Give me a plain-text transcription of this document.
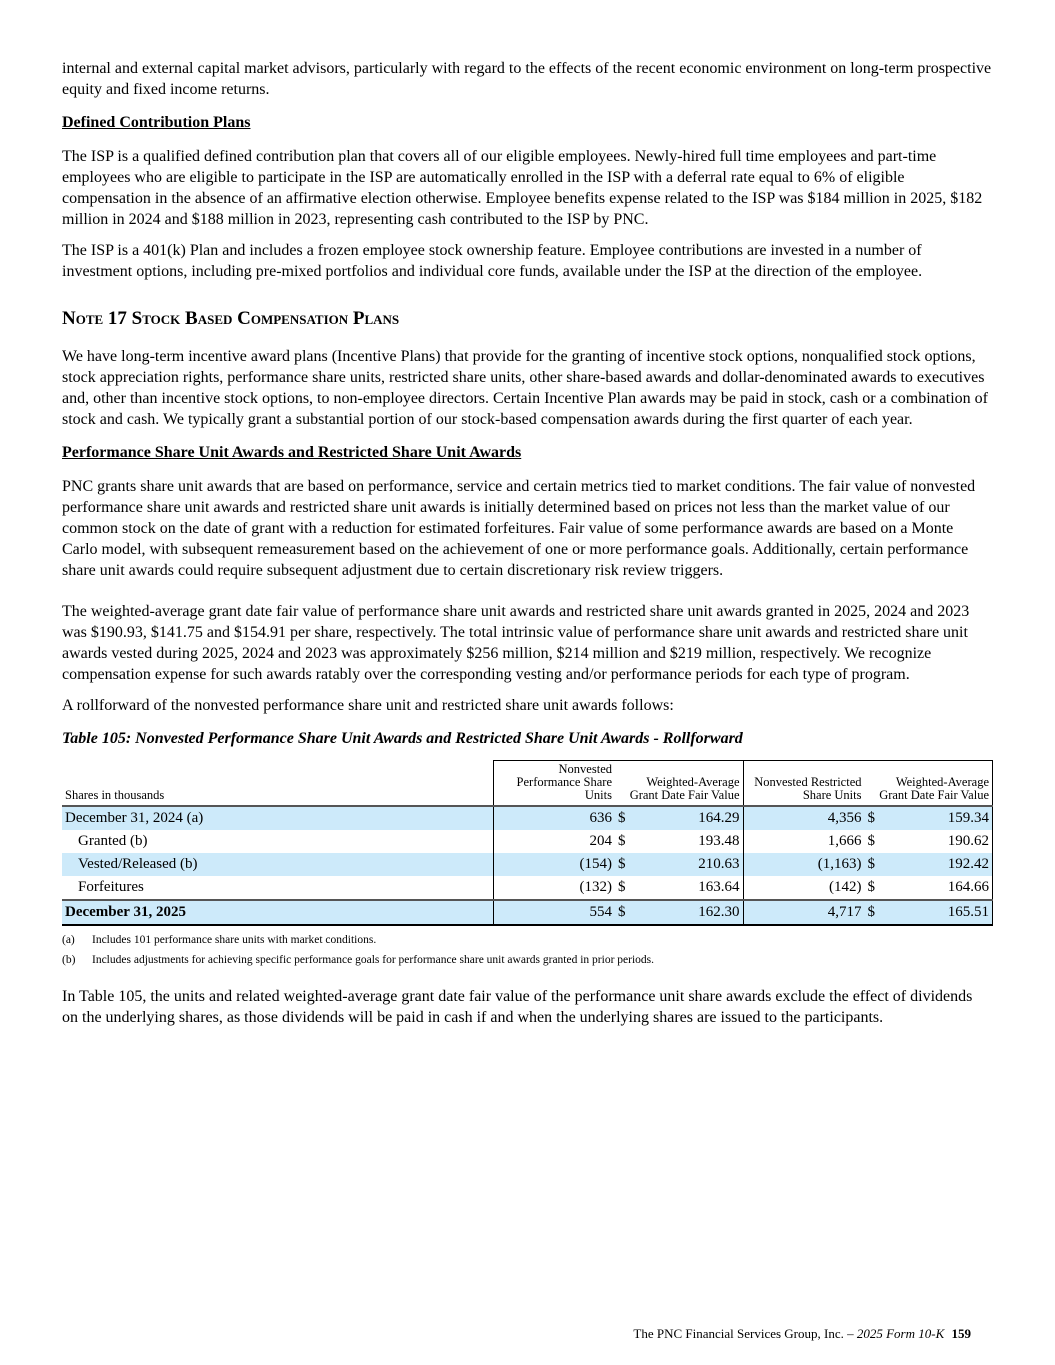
internal and external capital market advisors, particularly with regard to the effects of the recent economic environment on long-term prospective equity and fixed income returns.

Defined Contribution Plans

The ISP is a qualified defined contribution plan that covers all of our eligible employees. Newly-hired full time employees and part-time employees who are eligible to participate in the ISP are automatically enrolled in the ISP with a deferral rate equal to 6% of eligible compensation in the absence of an affirmative election otherwise. Employee benefits expense related to the ISP was $184 million in 2025, $182 million in 2024 and $188 million in 2023, representing cash contributed to the ISP by PNC.

The ISP is a 401(k) Plan and includes a frozen employee stock ownership feature. Employee contributions are invested in a number of investment options, including pre-mixed portfolios and individual core funds, available under the ISP at the direction of the employee.

Note 17 Stock Based Compensation Plans

We have long-term incentive award plans (Incentive Plans) that provide for the granting of incentive stock options, nonqualified stock options, stock appreciation rights, performance share units, restricted share units, other share-based awards and dollar-denominated awards to executives and, other than incentive stock options, to non-employee directors. Certain Incentive Plan awards may be paid in stock, cash or a combination of stock and cash. We typically grant a substantial portion of our stock-based compensation awards during the first quarter of each year.

Performance Share Unit Awards and Restricted Share Unit Awards

PNC grants share unit awards that are based on performance, service and certain metrics tied to market conditions. The fair value of nonvested performance share unit awards and restricted share unit awards is initially determined based on prices not less than the market value of our common stock on the date of grant with a reduction for estimated forfeitures. Fair value of some performance awards are based on a Monte Carlo model, with subsequent remeasurement based on the achievement of one or more performance goals. Additionally, certain performance share unit awards could require subsequent adjustment due to certain discretionary risk review triggers.

The weighted-average grant date fair value of performance share unit awards and restricted share unit awards granted in 2025, 2024 and 2023 was $190.93, $141.75 and $154.91 per share, respectively. The total intrinsic value of performance share unit awards and restricted share unit awards vested during 2025, 2024 and 2023 was approximately $256 million, $214 million and $219 million, respectively. We recognize compensation expense for such awards ratably over the corresponding vesting and/or performance periods for each type of program.

A rollforward of the nonvested performance share unit and restricted share unit awards follows:

Table 105: Nonvested Performance Share Unit Awards and Restricted Share Unit Awards - Rollforward
Shares in thousands	Nonvested Performance Share Units	Weighted-Average Grant Date Fair Value		Nonvested Restricted Share Units	Weighted-Average Grant Date Fair Value	
December 31, 2024 (a)	636	$	164.29	4,356	$	159.34
Granted (b)	204	$	193.48	1,666	$	190.62
Vested/Released (b)	(154)	$	210.63	(1,163)	$	192.42
Forfeitures	(132)	$	163.64	(142)	$	164.66
December 31, 2025	554	$	162.30	4,717	$	165.51
(a)	Includes 101 performance share units with market conditions.
(b)	Includes adjustments for achieving specific performance goals for performance share unit awards granted in prior periods.

In Table 105, the units and related weighted-average grant date fair value of the performance unit share awards exclude the effect of dividends on the underlying shares, as those dividends will be paid in cash if and when the underlying shares are issued to the participants.

The PNC Financial Services Group, Inc. – 2025 Form 10-K 159
